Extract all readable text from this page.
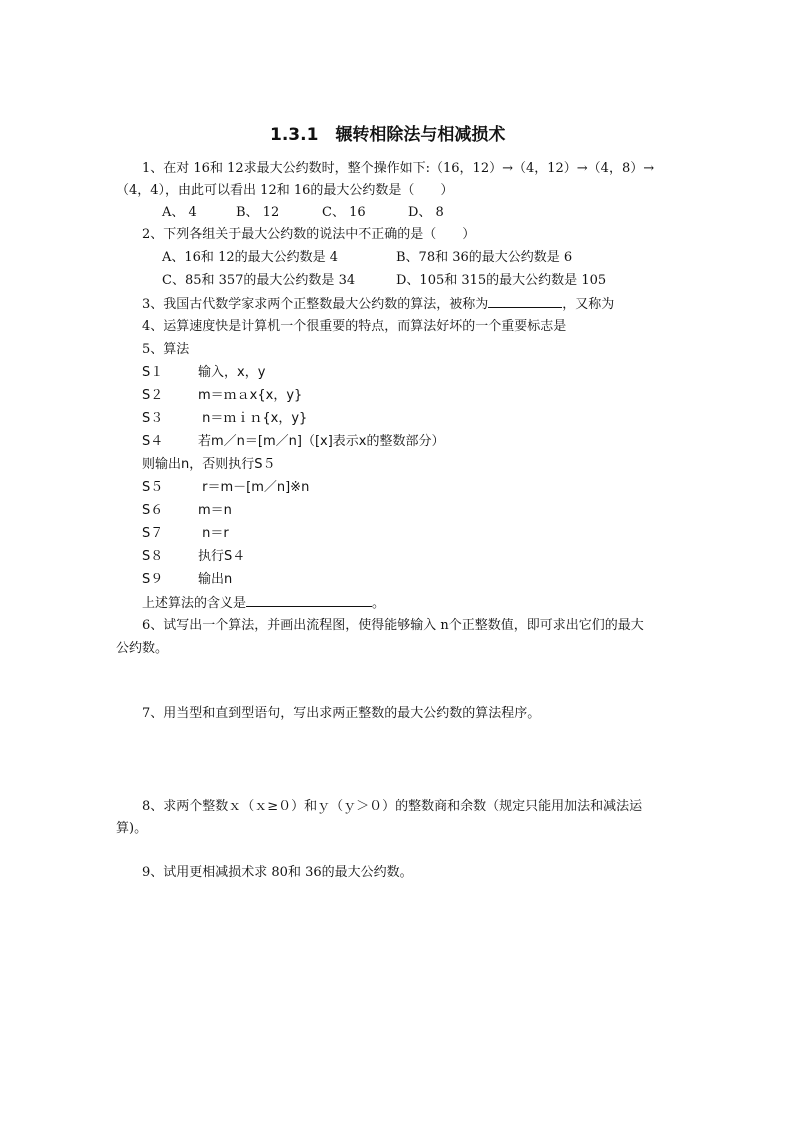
1.3.1　辗转相除法与相减损术
1、在对 16和 12求最大公约数时，整个操作如下:（16，12）→（4，12）→（4，8）→
（4，4），由此可以看出 12和 16的最大公约数是（　　）
A、 4	B、 12	C、 16	D、 8
2、下列各组关于最大公约数的说法中不正确的是（　　）
A、16和 12的最大公约数是 4	B、78和 36的最大公约数是 6
C、85和 357的最大公约数是 34	D、105和 315的最大公约数是 105
3、我国古代数学家求两个正整数最大公约数的算法，被称为	，又称为
4、运算速度快是计算机一个很重要的特点，而算法好坏的一个重要标志是
5、算法
S１	输入，x，y
S２	m＝ｍａx{x，y}
S３	n＝ｍｉｎ{x，y}
S４	若m／n＝[m／n]（[x]表示x的整数部分）
则输出n，否则执行S５
S５	r＝m－[m／n]※n
S６	m＝n
S７	n＝r
S８	执行S４
S９	输出n
上述算法的含义是	。
6、试写出一个算法，并画出流程图，使得能够输入 n个正整数值，即可求出它们的最大
公约数。
7、用当型和直到型语句，写出求两正整数的最大公约数的算法程序。
8、求两个整数ｘ（ｘ≥０）和ｙ（ｙ＞０）的整数商和余数（规定只能用加法和减法运
算)。
9、试用更相减损术求 80和 36的最大公约数。
